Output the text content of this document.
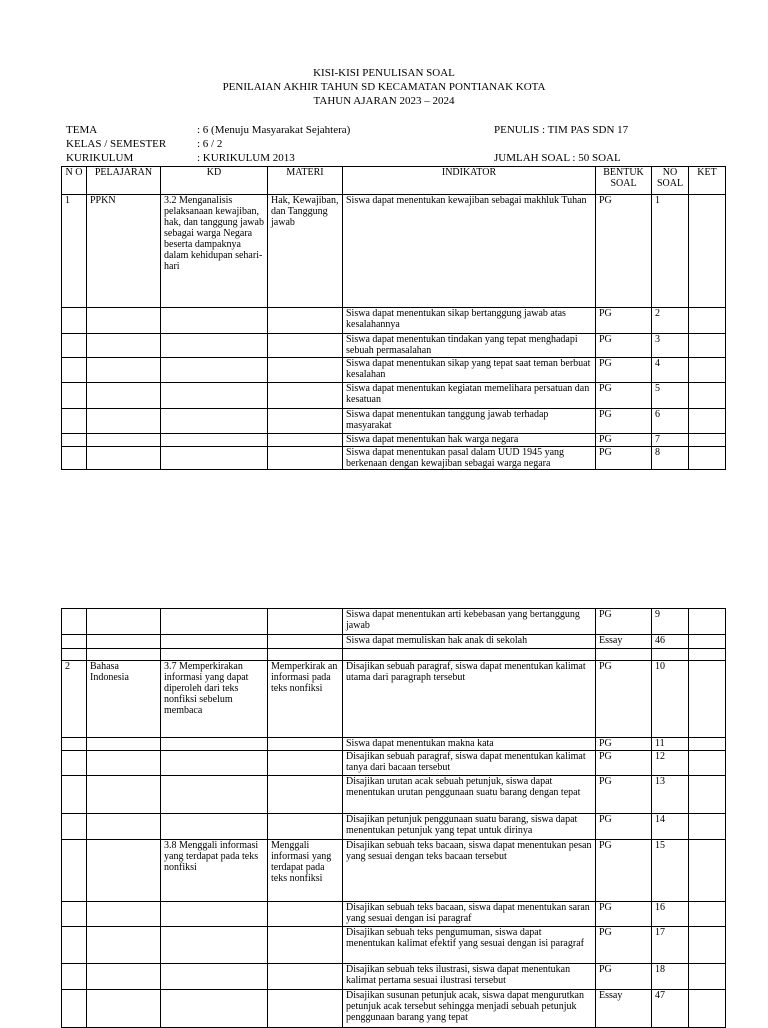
KISI-KISI PENULISAN SOAL
PENILAIAN AKHIR TAHUN SD KECAMATAN PONTIANAK KOTA
TAHUN AJARAN 2023 – 2024
TEMA	: 6 (Menuju Masyarakat Sejahtera)	PENULIS : TIM PAS SDN 17
KELAS / SEMESTER	: 6 / 2
KURIKULUM	: KURIKULUM 2013	JUMLAH SOAL : 50 SOAL
N O	PELAJARAN	KD	MATERI	INDIKATOR	BENTUK SOAL	NO SOAL	KET
1	PPKN	3.2 Menganalisis pelaksanaan kewajiban, hak, dan tanggung jawab sebagai warga Negara beserta dampaknya dalam kehidupan sehari-hari	Hak, Kewajiban, dan Tanggung jawab	Siswa dapat menentukan kewajiban sebagai makhluk Tuhan	PG	1	
				Siswa dapat menentukan sikap bertanggung jawab atas kesalahannya	PG	2	
				Siswa dapat menentukan tindakan yang tepat menghadapi sebuah permasalahan	PG	3	
				Siswa dapat menentukan sikap yang tepat saat teman berbuat kesalahan	PG	4	
				Siswa dapat menentukan kegiatan memelihara persatuan dan kesatuan	PG	5	
				Siswa dapat menentukan tanggung jawab terhadap masyarakat	PG	6	
				Siswa dapat menentukan hak warga negara	PG	7	
				Siswa dapat menentukan pasal dalam UUD 1945 yang berkenaan dengan kewajiban sebagai warga negara	PG	8	
				Siswa dapat menentukan arti kebebasan yang bertanggung jawab	PG	9	
				Siswa dapat memuliskan hak anak di sekolah	Essay	46	

2	Bahasa Indonesia	3.7 Memperkirakan informasi yang dapat diperoleh dari teks nonfiksi sebelum membaca	Memperkirak an informasi pada teks nonfiksi	Disajikan sebuah paragraf, siswa dapat menentukan kalimat utama dari paragraph tersebut	PG	10	
				Siswa dapat menentukan makna kata	PG	11	
				Disajikan sebuah paragraf, siswa dapat menentukan kalimat tanya dari bacaan tersebut	PG	12	
				Disajikan urutan acak sebuah petunjuk, siswa dapat menentukan urutan penggunaan suatu barang dengan tepat	PG	13	
				Disajikan petunjuk penggunaan suatu barang, siswa dapat menentukan petunjuk yang tepat untuk dirinya	PG	14	
		3.8 Menggali informasi yang terdapat pada teks nonfiksi	Menggali informasi yang terdapat pada teks nonfiksi	Disajikan sebuah teks bacaan, siswa dapat menentukan pesan yang sesuai dengan teks bacaan tersebut	PG	15	
				Disajikan sebuah teks bacaan, siswa dapat menentukan saran yang sesuai dengan isi paragraf	PG	16	
				Disajikan sebuah teks pengumuman, siswa dapat menentukan kalimat efektif yang sesuai dengan isi paragraf	PG	17	
				Disajikan sebuah teks ilustrasi, siswa dapat menentukan kalimat pertama sesuai ilustrasi tersebut	PG	18	
				Disajikan susunan petunjuk acak, siswa dapat mengurutkan petunjuk acak tersebut sehingga menjadi sebuah petunjuk penggunaan barang yang tepat	Essay	47	
